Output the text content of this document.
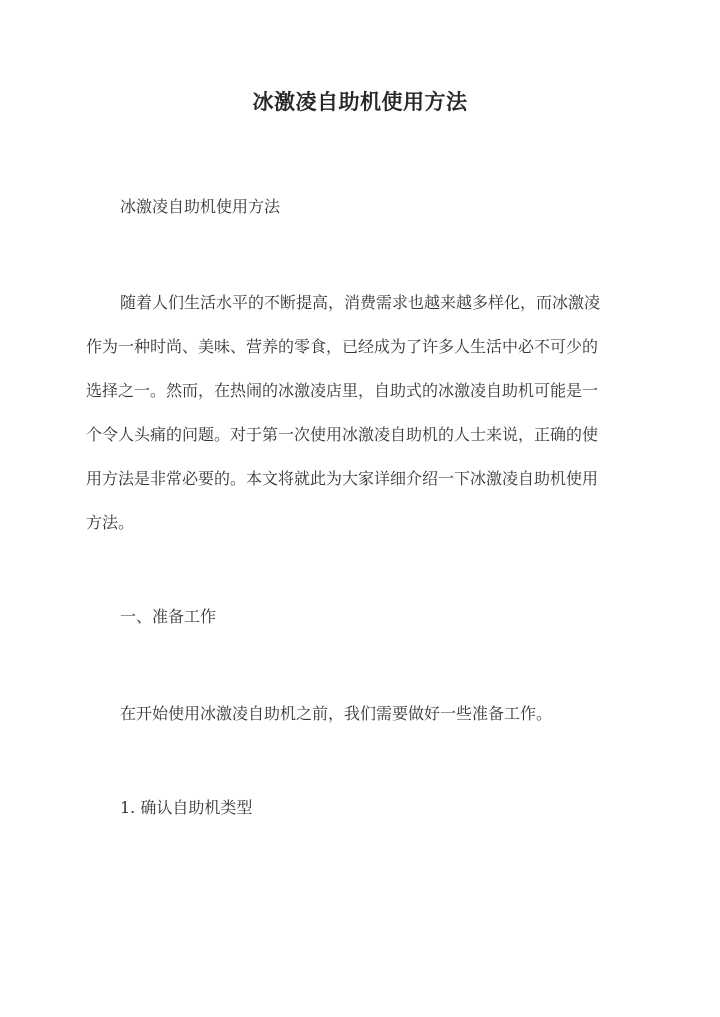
冰激凌自助机使用方法
冰激凌自助机使用方法
随着人们生活水平的不断提高，消费需求也越来越多样化，而冰激凌
作为一种时尚、美味、营养的零食，已经成为了许多人生活中必不可少的
选择之一。然而，在热闹的冰激凌店里，自助式的冰激凌自助机可能是一
个令人头痛的问题。对于第一次使用冰激凌自助机的人士来说，正确的使
用方法是非常必要的。本文将就此为大家详细介绍一下冰激凌自助机使用
方法。
一、准备工作
在开始使用冰激凌自助机之前，我们需要做好一些准备工作。
1. 确认自助机类型
